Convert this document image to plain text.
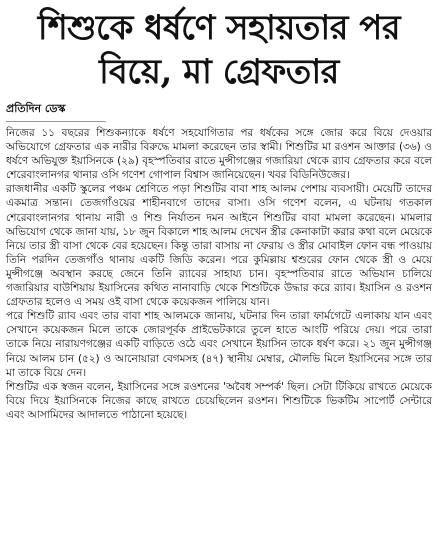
শিশুকে ধর্ষণে সহায়তার পর
বিয়ে, মা গ্রেফতার
প্রতিদিন ডেস্ক

নিজের ১১ বছরের শিশুকন্যাকে ধর্ষণে সহযোগিতার পর ধর্ষকের সঙ্গে জোর করে বিয়ে দেওয়ার অভিযোগে গ্রেফতার এক নারীর বিরুদ্ধে মামলা করেছেন তার স্বামী। শিশুটির মা রওশন আক্তার (৩৬) ও ধর্ষণে অভিযুক্ত ইয়াসিনকে (২৯) বৃহস্পতিবার রাতে মুন্সীগঞ্জের গজারিয়া থেকে র‌্যাব গ্রেফতার করে বলে শেরেবাংলানগর থানার ওসি গণেশ গোপাল বিশ্বাস জানিয়েছেন। খবর বিডিনিউজের।

রাজধানীর একটি স্কুলের পঞ্চম শ্রেণিতে পড়া শিশুটির বাবা শাহ আলম পেশায় ব্যবসায়ী। মেয়েটি তাদের একমাত্র সন্তান। তেজগাঁওয়ের শাহীনবাগে তাদের বাসা। ওসি গণেশ বলেন, এ ঘটনায় গতকাল শেরেবাংলানগর থানায় নারী ও শিশু নির্যাতন দমন আইনে শিশুটির বাবা মামলা করেছেন। মামলার অভিযোগ থেকে জানা যায়, ১৮ জুন বিকালে শাহ আলম দেখেন স্ত্রীর কেনাকাটা করার কথা বলে মেয়েকে নিয়ে তার স্ত্রী বাসা থেকে বের হয়েছেন। কিন্তু তারা বাসায় না ফেরায় ও স্ত্রীর মোবাইল ফোন বন্ধ পাওয়ায় তিনি পরদিন তেজগাঁও থানায় একটি জিডি করেন। পরে কুমিল্লায় শ্বশুরের ফোন থেকে স্ত্রী ও মেয়ে মুন্সীগঞ্জে অবস্থান করছে জেনে তিনি র‌্যাবের সাহায্য চান। বৃহস্পতিবার রাতে অভিযান চালিয়ে গজারিয়ার বাউশিয়ায় ইয়াসিনের কথিত নানাবাড়ি থেকে শিশুটিকে উদ্ধার করে র‌্যাব। ইয়াসিন ও রওশন গ্রেফতার হলেও এ সময় ওই বাসা থেকে কয়েকজন পালিয়ে যান।

পরে শিশুটি র‌্যাব এবং তার বাবা শাহ আলমকে জানায়, ঘটনার দিন তারা ফার্মগেটে এলাকায় যান এবং সেখানে কয়েকজন মিলে তাকে জোরপূর্বক প্রাইভেটকারে তুলে হাতে আংটি পরিয়ে দেয়। পরে তারা তাকে নিয়ে নারায়ণগঞ্জের একটি বাড়িতে ওঠে এবং সেখানে ইয়াসিন তাকে ধর্ষণ করে। ২১ জুন মুন্সীগঞ্জ নিয়ে আলম চান (৫২) ও আনোয়ারা বেগমসহ (৪৭) স্থানীয় মেম্বার, মৌলভি মিলে ইয়াসিনের সঙ্গে তার মা তাকে বিয়ে দেন।

শিশুটির এক স্বজন বলেন, ইয়াসিনের সঙ্গে রওশনের 'অবৈধ সম্পর্ক' ছিল। সেটা টিকিয়ে রাখতে মেয়েকে বিয়ে দিয়ে ইয়াসিনকে নিজের কাছে রাখতে চেয়েছিলেন রওশন। শিশুটিকে ভিকটিম সাপোর্ট সেন্টারে এবং আসামিদের আদালতে পাঠানো হয়েছে।
